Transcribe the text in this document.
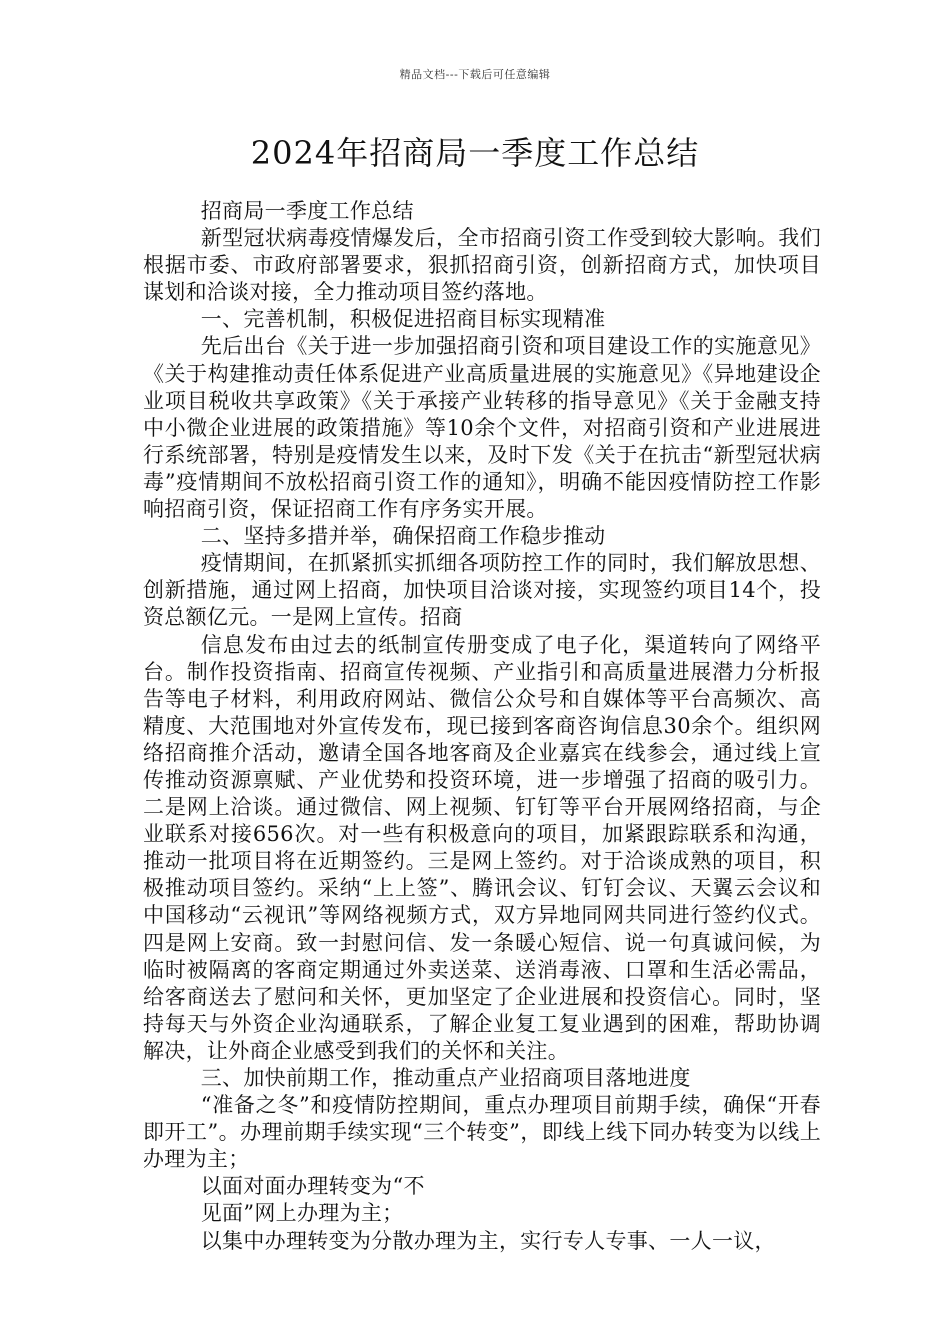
精品文档---下载后可任意编辑
2024年招商局一季度工作总结

招商局一季度工作总结

新型冠状病毒疫情爆发后，全市招商引资工作受到较大影响。我们根据市委、市政府部署要求，狠抓招商引资，创新招商方式，加快项目谋划和洽谈对接，全力推动项目签约落地。

一、完善机制，积极促进招商目标实现精准

先后出台《关于进一步加强招商引资和项目建设工作的实施意见》《关于构建推动责任体系促进产业高质量进展的实施意见》《异地建设企业项目税收共享政策》《关于承接产业转移的指导意见》《关于金融支持中小微企业进展的政策措施》等10余个文件，对招商引资和产业进展进行系统部署，特别是疫情发生以来，及时下发《关于在抗击“新型冠状病毒”疫情期间不放松招商引资工作的通知》，明确不能因疫情防控工作影响招商引资，保证招商工作有序务实开展。

二、坚持多措并举，确保招商工作稳步推动

疫情期间，在抓紧抓实抓细各项防控工作的同时，我们解放思想、创新措施，通过网上招商，加快项目洽谈对接，实现签约项目14个，投资总额亿元。一是网上宣传。招商

信息发布由过去的纸制宣传册变成了电子化，渠道转向了网络平台。制作投资指南、招商宣传视频、产业指引和高质量进展潜力分析报告等电子材料，利用政府网站、微信公众号和自媒体等平台高频次、高精度、大范围地对外宣传发布，现已接到客商咨询信息30余个。组织网络招商推介活动，邀请全国各地客商及企业嘉宾在线参会，通过线上宣传推动资源禀赋、产业优势和投资环境，进一步增强了招商的吸引力。二是网上洽谈。通过微信、网上视频、钉钉等平台开展网络招商，与企业联系对接656次。对一些有积极意向的项目，加紧跟踪联系和沟通，推动一批项目将在近期签约。三是网上签约。对于洽谈成熟的项目，积极推动项目签约。采纳“上上签”、腾讯会议、钉钉会议、天翼云会议和中国移动“云视讯”等网络视频方式，双方异地同网共同进行签约仪式。四是网上安商。致一封慰问信、发一条暖心短信、说一句真诚问候，为临时被隔离的客商定期通过外卖送菜、送消毒液、口罩和生活必需品，给客商送去了慰问和关怀，更加坚定了企业进展和投资信心。同时，坚持每天与外资企业沟通联系，了解企业复工复业遇到的困难，帮助协调解决，让外商企业感受到我们的关怀和关注。

三、加快前期工作，推动重点产业招商项目落地进度

“准备之冬”和疫情防控期间，重点办理项目前期手续，确保“开春即开工”。办理前期手续实现“三个转变”，即线上线下同办转变为以线上办理为主；

以面对面办理转变为“不

见面”网上办理为主；

以集中办理转变为分散办理为主，实行专人专事、一人一议，
